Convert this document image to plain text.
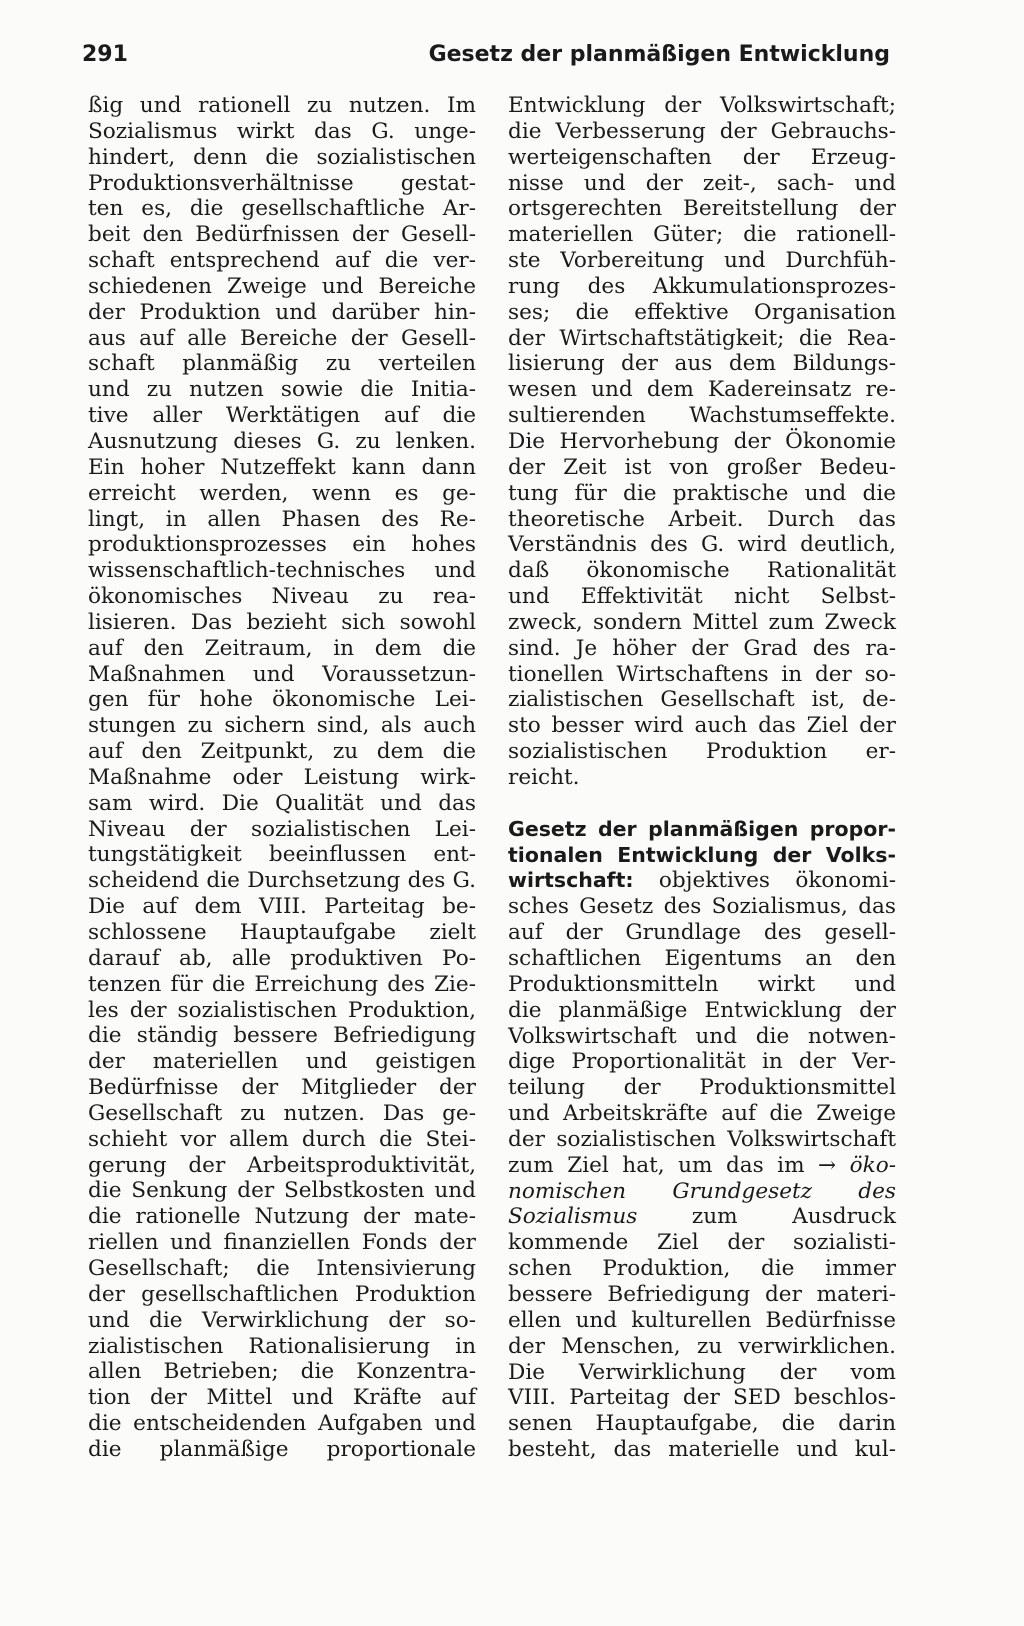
291	Gesetz der planmäßigen Entwicklung
ßig und rationell zu nutzen. Im
Sozialismus wirkt das G. unge-
hindert, denn die sozialistischen
Produktionsverhältnisse gestat-
ten es, die gesellschaftliche Ar-
beit den Bedürfnissen der Gesell-
schaft entsprechend auf die ver-
schiedenen Zweige und Bereiche
der Produktion und darüber hin-
aus auf alle Bereiche der Gesell-
schaft planmäßig zu verteilen
und zu nutzen sowie die Initia-
tive aller Werktätigen auf die
Ausnutzung dieses G. zu lenken.
Ein hoher Nutzeffekt kann dann
erreicht werden, wenn es ge-
lingt, in allen Phasen des Re-
produktionsprozesses ein hohes
wissenschaftlich-technisches und
ökonomisches Niveau zu rea-
lisieren. Das bezieht sich sowohl
auf den Zeitraum, in dem die
Maßnahmen und Voraussetzun-
gen für hohe ökonomische Lei-
stungen zu sichern sind, als auch
auf den Zeitpunkt, zu dem die
Maßnahme oder Leistung wirk-
sam wird. Die Qualität und das
Niveau der sozialistischen Lei-
tungstätigkeit beeinflussen ent-
scheidend die Durchsetzung des G.
Die auf dem VIII. Parteitag be-
schlossene Hauptaufgabe zielt
darauf ab, alle produktiven Po-
tenzen für die Erreichung des Zie-
les der sozialistischen Produktion,
die ständig bessere Befriedigung
der materiellen und geistigen
Bedürfnisse der Mitglieder der
Gesellschaft zu nutzen. Das ge-
schieht vor allem durch die Stei-
gerung der Arbeitsproduktivität,
die Senkung der Selbstkosten und
die rationelle Nutzung der mate-
riellen und finanziellen Fonds der
Gesellschaft; die Intensivierung
der gesellschaftlichen Produktion
und die Verwirklichung der so-
zialistischen Rationalisierung in
allen Betrieben; die Konzentra-
tion der Mittel und Kräfte auf
die entscheidenden Aufgaben und
die planmäßige proportionale
Entwicklung der Volkswirtschaft;
die Verbesserung der Gebrauchs-
werteigenschaften der Erzeug-
nisse und der zeit-, sach- und
ortsgerechten Bereitstellung der
materiellen Güter; die rationell-
ste Vorbereitung und Durchfüh-
rung des Akkumulationsprozes-
ses; die effektive Organisation
der Wirtschaftstätigkeit; die Rea-
lisierung der aus dem Bildungs-
wesen und dem Kadereinsatz re-
sultierenden Wachstumseffekte.
Die Hervorhebung der Ökonomie
der Zeit ist von großer Bedeu-
tung für die praktische und die
theoretische Arbeit. Durch das
Verständnis des G. wird deutlich,
daß ökonomische Rationalität
und Effektivität nicht Selbst-
zweck, sondern Mittel zum Zweck
sind. Je höher der Grad des ra-
tionellen Wirtschaftens in der so-
zialistischen Gesellschaft ist, de-
sto besser wird auch das Ziel der
sozialistischen Produktion er-
reicht.
Gesetz der planmäßigen propor-
tionalen Entwicklung der Volks-
wirtschaft: objektives ökonomi-
sches Gesetz des Sozialismus, das
auf der Grundlage des gesell-
schaftlichen Eigentums an den
Produktionsmitteln wirkt und
die planmäßige Entwicklung der
Volkswirtschaft und die notwen-
dige Proportionalität in der Ver-
teilung der Produktionsmittel
und Arbeitskräfte auf die Zweige
der sozialistischen Volkswirtschaft
zum Ziel hat, um das im → öko-
nomischen Grundgesetz des
Sozialismus zum Ausdruck
kommende Ziel der sozialisti-
schen Produktion, die immer
bessere Befriedigung der materi-
ellen und kulturellen Bedürfnisse
der Menschen, zu verwirklichen.
Die Verwirklichung der vom
VIII. Parteitag der SED beschlos-
senen Hauptaufgabe, die darin
besteht, das materielle und kul-
